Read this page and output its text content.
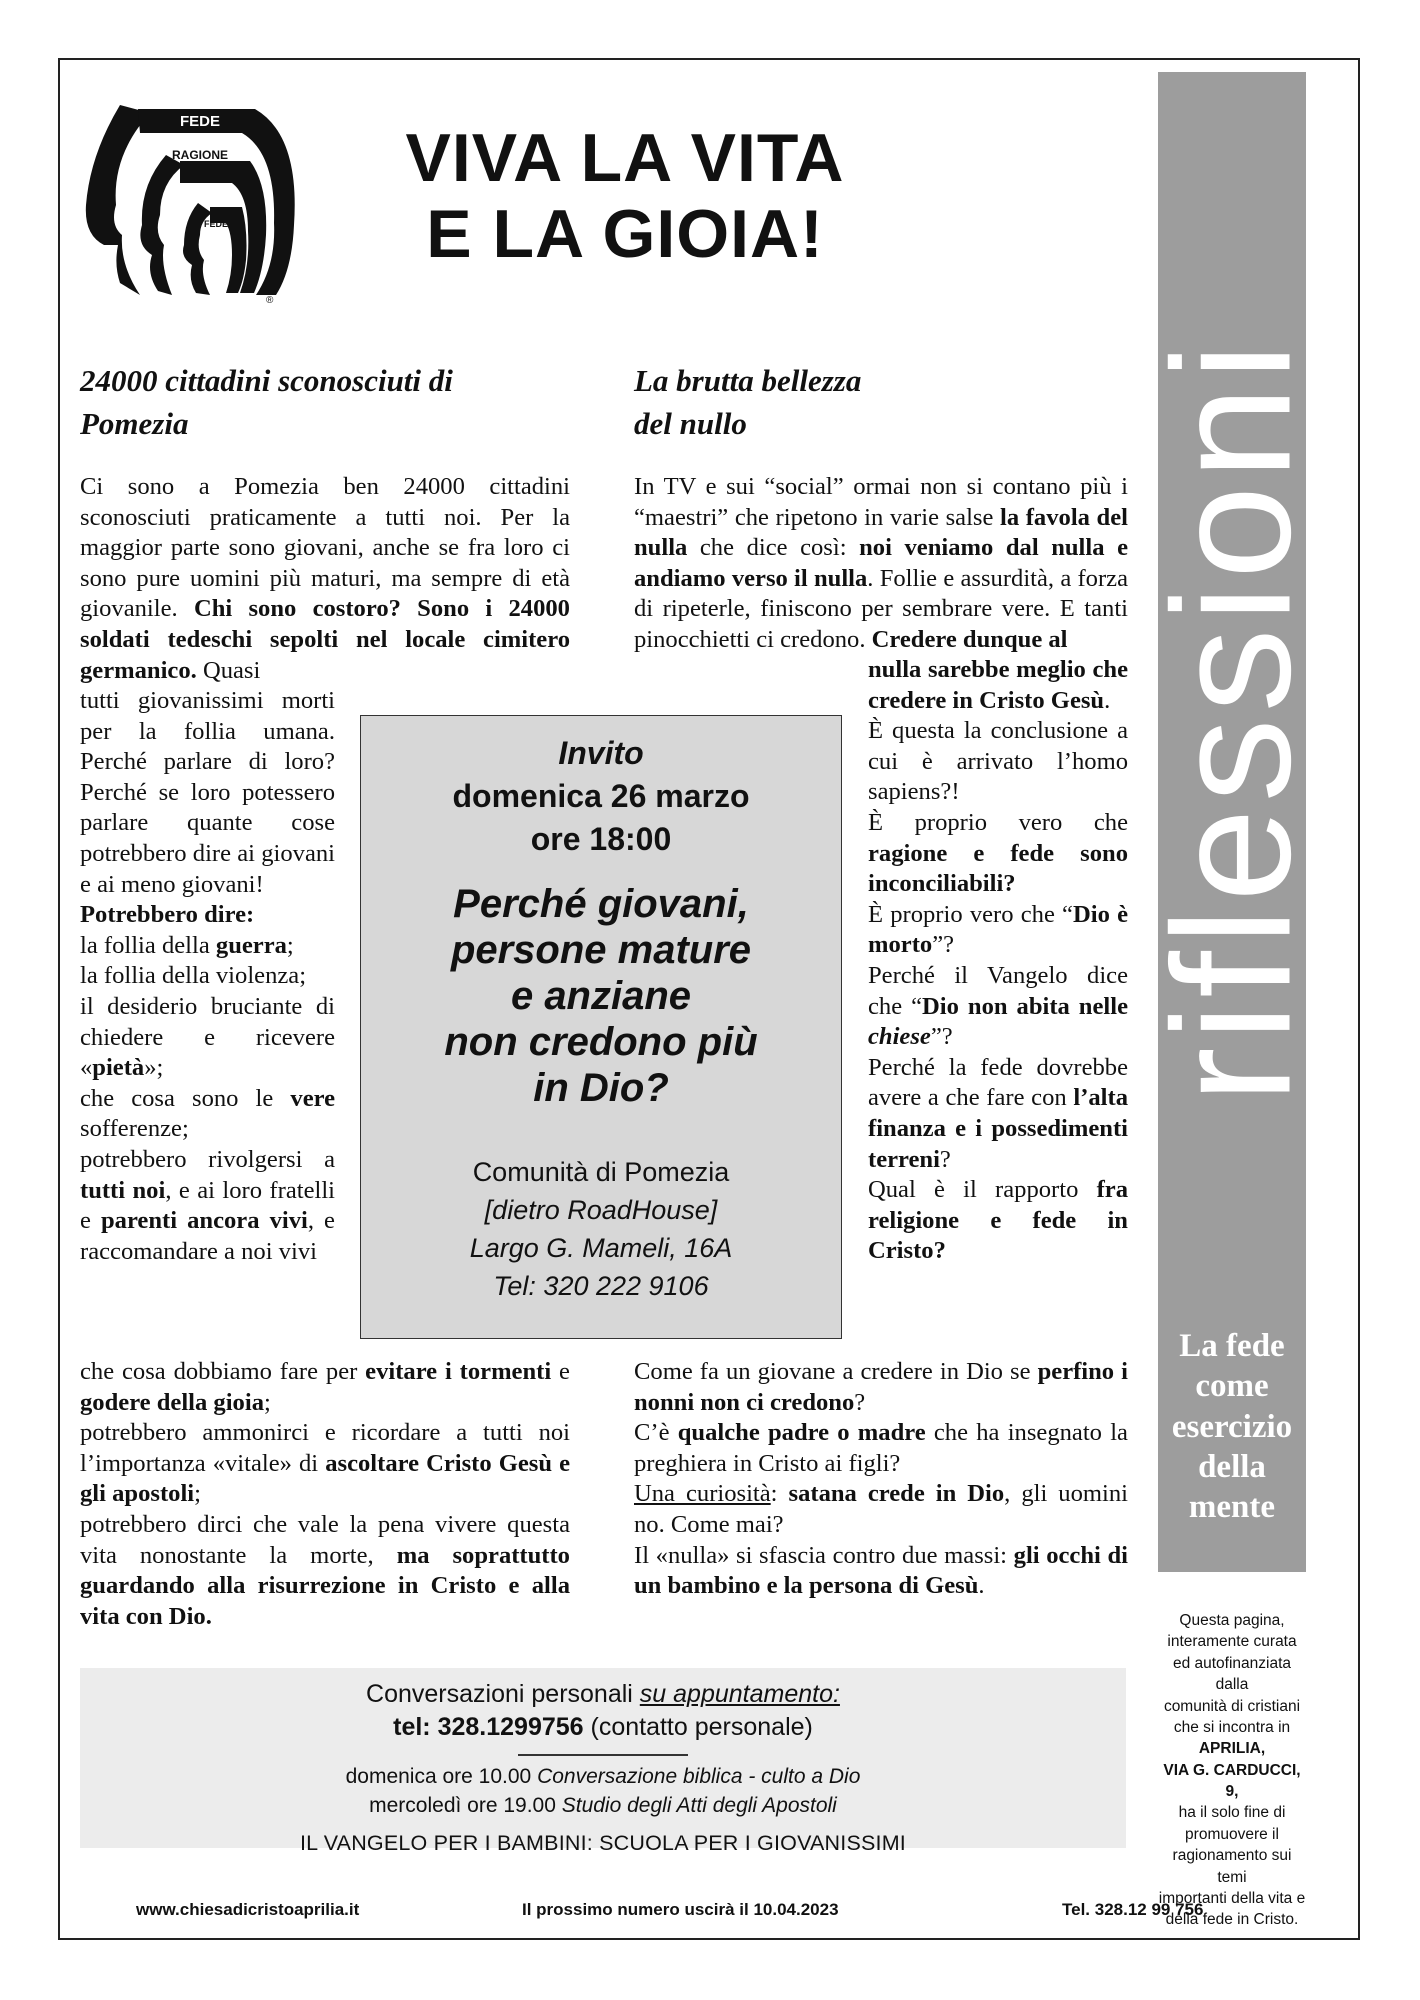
FEDE
RAGIONE
RAGIONE
FEDE
®
VIVA LA VITA
E LA GIOIA!
riflessioni
La fede
come
esercizio
della
mente
Questa pagina,
interamente curata
ed autofinanziata dalla
comunità di cristiani
che si incontra in
APRILIA,
VIA G. CARDUCCI, 9,
ha il solo fine di
promuovere il
ragionamento sui temi
importanti della vita e
della fede in Cristo.
24000 cittadini sconosciuti di
Pomezia

Ci sono a Pomezia ben 24000 cittadini sconosciuti praticamente a tutti noi. Per la maggior parte sono giovani, anche se fra loro ci sono pure uomini più maturi, ma sempre di età giovanile. Chi sono costoro? Sono i 24000 soldati tedeschi sepolti nel locale cimitero germanico. Quasi

tutti giovanissimi morti per la follia umana. Perché parlare di loro? Perché se loro potessero parlare quante cose potrebbero dire ai giovani e ai meno giovani!

Potrebbero dire:

la follia della guerra;

la follia della violenza;

il desiderio bruciante di chiedere e ricevere «pietà»;

che cosa sono le vere sofferenze;

potrebbero rivolgersi a tutti noi, e ai loro fratelli e parenti ancora vivi, e raccomandare a noi vivi

che cosa dobbiamo fare per evitare i tormenti e godere della gioia;

potrebbero ammonirci e ricordare a tutti noi l’importanza «vitale» di ascoltare Cristo Gesù e gli apostoli;

potrebbero dirci che vale la pena vivere questa vita nonostante la morte, ma soprattutto guardando alla risurrezione in Cristo e alla vita con Dio.

La brutta bellezza
del nullo

In TV e sui “social” ormai non si contano più i “maestri” che ripetono in varie salse la favola del nulla che dice così: noi veniamo dal nulla e andiamo verso il nulla. Follie e assurdità, a forza di ripeterle, finiscono per sembrare vere. E tanti pinocchietti ci credono. Credere dunque al

nulla sarebbe meglio che credere in Cristo Gesù.

È questa la conclusione a cui è arrivato l’homo sapiens?!

È proprio vero che ragione e fede sono inconciliabili?

È proprio vero che “Dio è morto”?

Perché il Vangelo dice che “Dio non abita nelle chiese”?

Perché la fede dovrebbe avere a che fare con l’alta finanza e i possedimenti terreni?

Qual è il rapporto fra religione e fede in Cristo?

Come fa un giovane a credere in Dio se perfino i nonni non ci credono?

C’è qualche padre o madre che ha insegnato la preghiera in Cristo ai figli?

Una curiosità: satana crede in Dio, gli uomini no. Come mai?

Il «nulla» si sfascia contro due massi: gli occhi di un bambino e la persona di Gesù.

Invito
domenica 26 marzo
ore 18:00
Perché giovani,
persone mature
e anziane
non credono più
in Dio?
Comunità di Pomezia
[dietro RoadHouse]
Largo G. Mameli, 16A
Tel: 320 222 9106
Conversazioni personali su appuntamento:
tel: 328.1299756 (contatto personale)
domenica ore 10.00 Conversazione biblica - culto a Dio
mercoledì ore 19.00 Studio degli Atti degli Apostoli
IL VANGELO PER I BAMBINI: SCUOLA PER I GIOVANISSIMI
www.chiesadicristoaprilia.it	Il prossimo numero uscirà il 10.04.2023	Tel. 328.12 99 756
